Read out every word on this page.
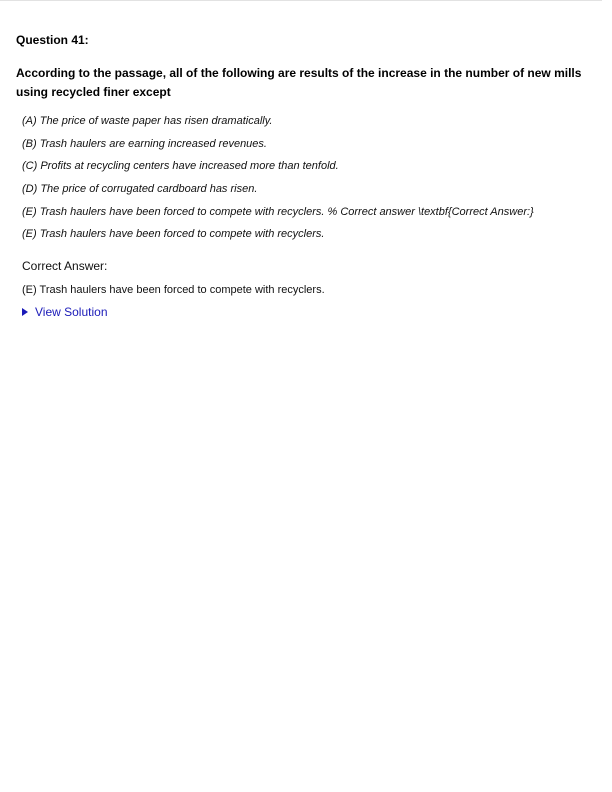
Question 41:
According to the passage, all of the following are results of the increase in the number of new mills using recycled finer except
(A) The price of waste paper has risen dramatically.
(B) Trash haulers are earning increased revenues.
(C) Profits at recycling centers have increased more than tenfold.
(D) The price of corrugated cardboard has risen.
(E) Trash haulers have been forced to compete with recyclers. % Correct answer \textbf{Correct Answer:}
(E) Trash haulers have been forced to compete with recyclers.
Correct Answer:
(E) Trash haulers have been forced to compete with recyclers.
View Solution
